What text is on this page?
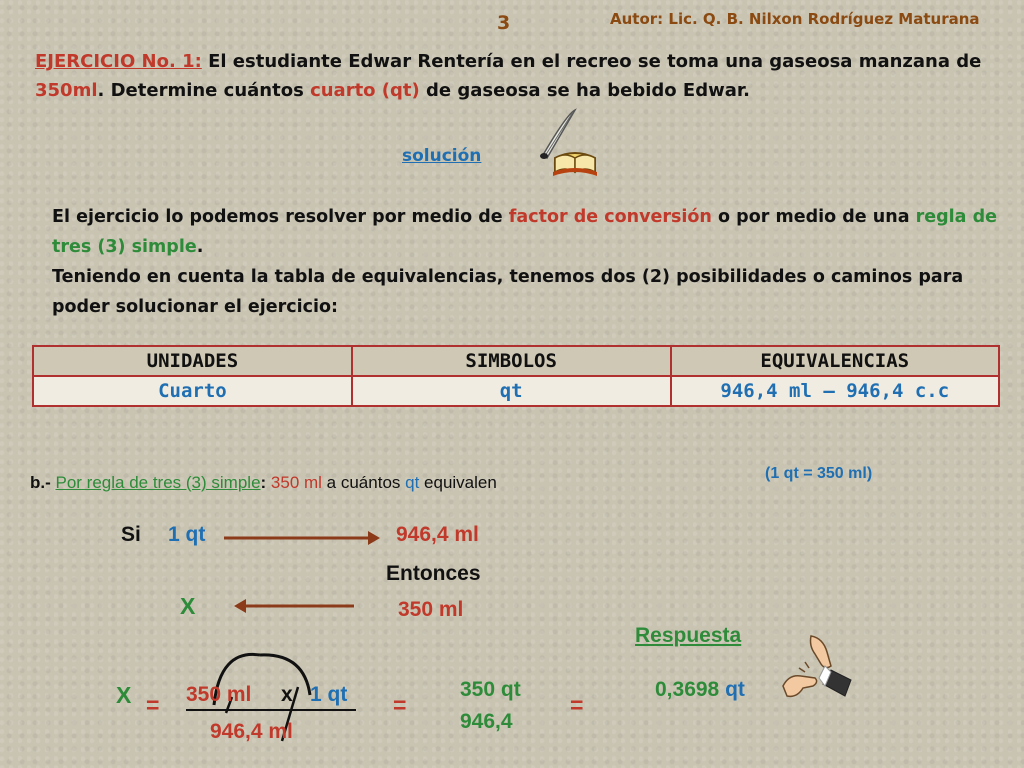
3	Autor: Lic. Q. B. Nilxon Rodríguez Maturana
EJERCICIO No. 1: El estudiante Edwar Rentería en el recreo se toma una gaseosa manzana de 350ml. Determine cuántos cuarto (qt) de gaseosa se ha bebido Edwar.
solución
El ejercicio lo podemos resolver por medio de factor de conversión o por medio de una regla de tres (3) simple.
Teniendo en cuenta la tabla de equivalencias, tenemos dos (2) posibilidades o caminos para poder solucionar el ejercicio:
UNIDADES	SIMBOLOS	EQUIVALENCIAS
Cuarto	qt	946,4 ml – 946,4 c.c
b.- Por regla de tres (3) simple: 350 ml a cuántos qt equivalen	(1 qt = 350 ml)
Si 1 qt	946,4 ml
Entonces
X	350 ml
Respuesta
X = 350 ml x 1 qt
946,4 ml
=
350 qt
946,4
=
0,3698 qt
